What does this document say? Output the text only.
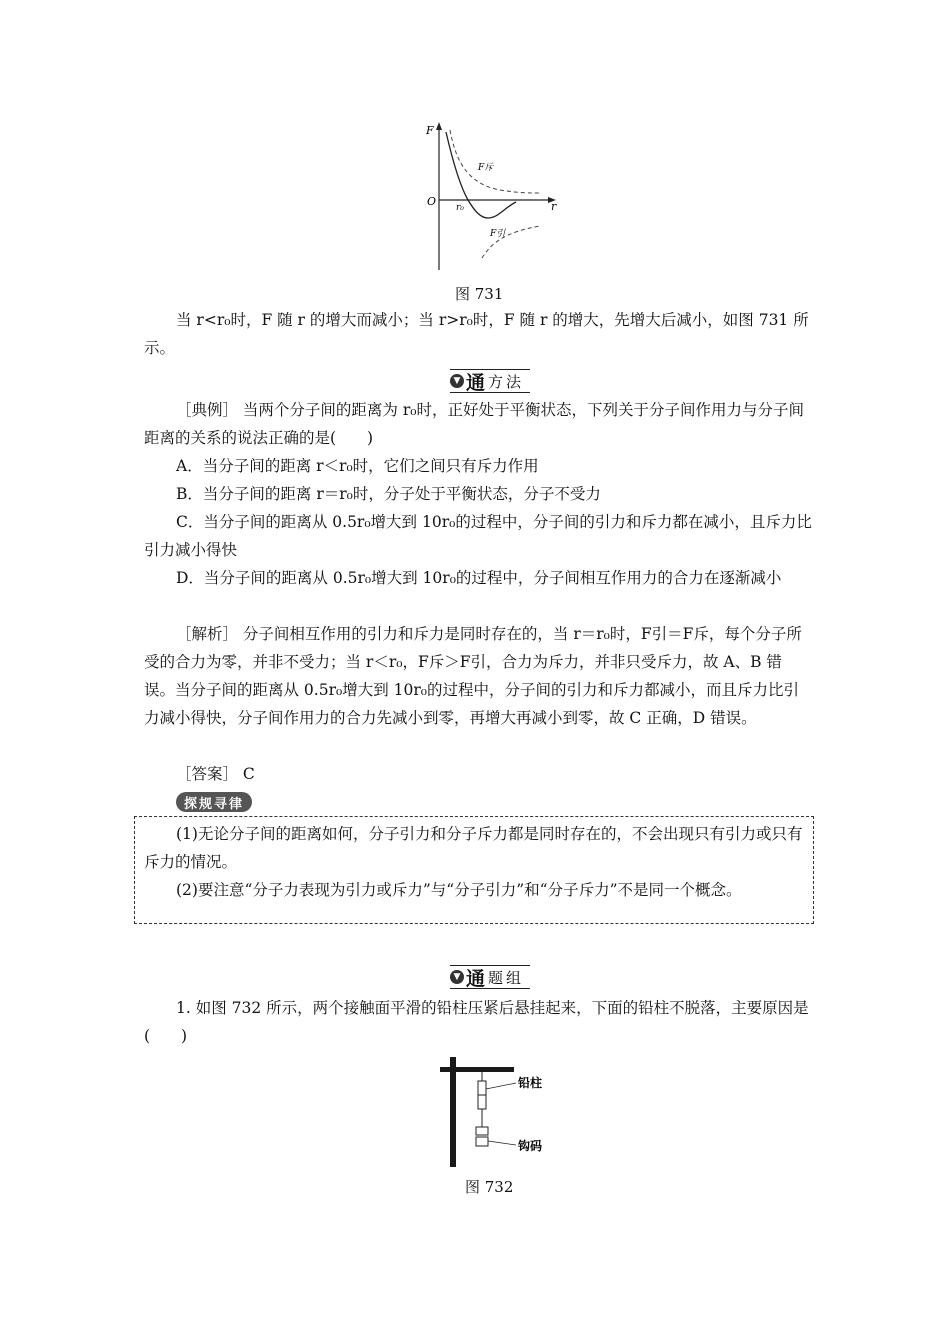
F
O	r
r₀
F斥
F引
图 731
当 r<r₀时，F 随 r 的增大而减小；当 r>r₀时，F 随 r 的增大，先增大后减小，如图 731 所示。
▼ 通 方法
［典例］ 当两个分子间的距离为 r₀时，正好处于平衡状态，下列关于分子间作用力与分子间距离的关系的说法正确的是(　　)
A．当分子间的距离 r＜r₀时，它们之间只有斥力作用
B．当分子间的距离 r＝r₀时，分子处于平衡状态，分子不受力
C．当分子间的距离从 0.5r₀增大到 10r₀的过程中，分子间的引力和斥力都在减小，且斥力比引力减小得快
D．当分子间的距离从 0.5r₀增大到 10r₀的过程中，分子间相互作用力的合力在逐渐减小
［解析］ 分子间相互作用的引力和斥力是同时存在的，当 r＝r₀时，F引＝F斥，每个分子所受的合力为零，并非不受力；当 r＜r₀，F斥＞F引，合力为斥力，并非只受斥力，故 A、B 错误。当分子间的距离从 0.5r₀增大到 10r₀的过程中，分子间的引力和斥力都减小，而且斥力比引力减小得快，分子间作用力的合力先减小到零，再增大再减小到零，故 C 正确，D 错误。
［答案］ C
探规寻律
(1)无论分子间的距离如何，分子引力和分子斥力都是同时存在的，不会出现只有引力或只有斥力的情况。
(2)要注意“分子力表现为引力或斥力”与“分子引力”和“分子斥力”不是同一个概念。
▼ 通 题组
1. 如图 732 所示，两个接触面平滑的铅柱压紧后悬挂起来，下面的铅柱不脱落，主要原因是(　　)
铅柱
钩码
图 732
